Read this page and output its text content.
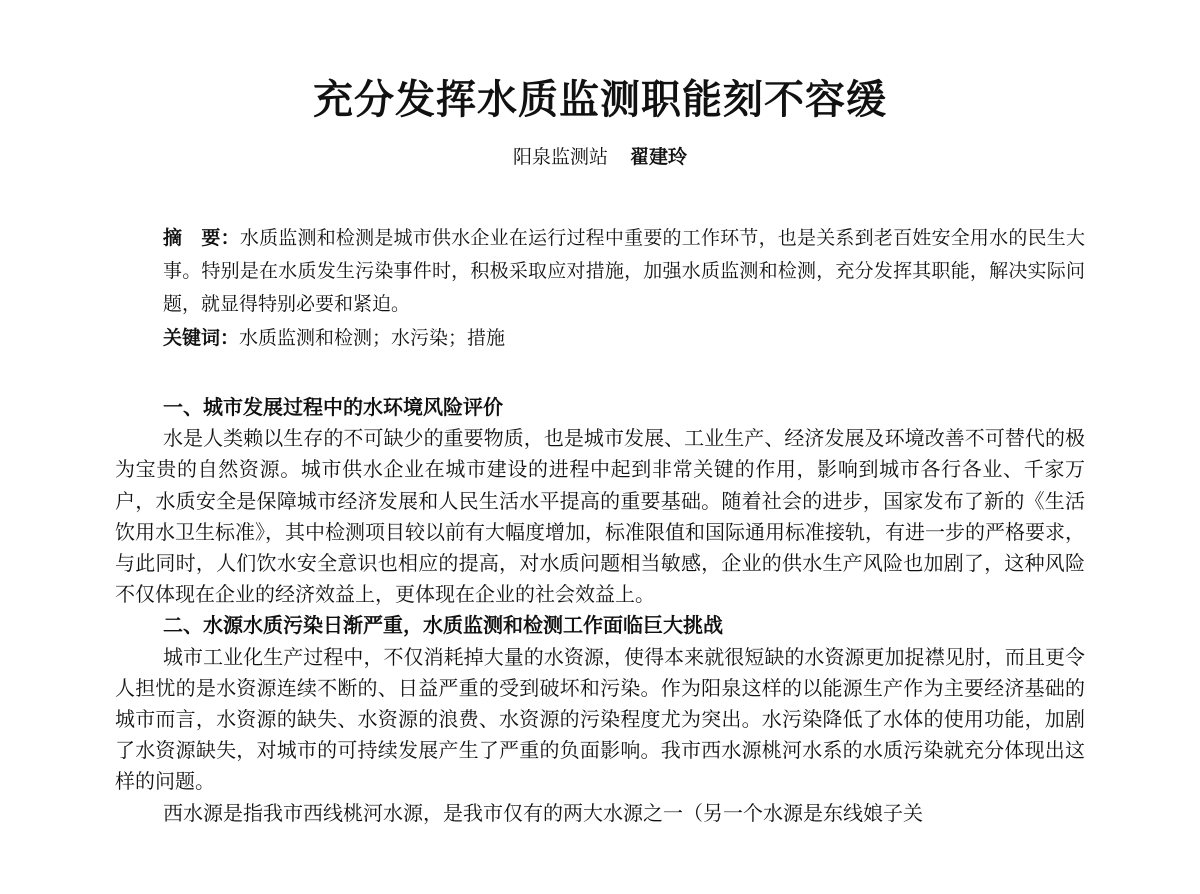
充分发挥水质监测职能刻不容缓
阳泉监测站 翟建玲
摘　要：水质监测和检测是城市供水企业在运行过程中重要的工作环节，也是关系到老百姓安全用水的民生大事。特别是在水质发生污染事件时，积极采取应对措施，加强水质监测和检测，充分发挥其职能，解决实际问题，就显得特别必要和紧迫。
关键词：水质监测和检测；水污染；措施
一、城市发展过程中的水环境风险评价

水是人类赖以生存的不可缺少的重要物质，也是城市发展、工业生产、经济发展及环境改善不可替代的极为宝贵的自然资源。城市供水企业在城市建设的进程中起到非常关键的作用，影响到城市各行各业、千家万户，水质安全是保障城市经济发展和人民生活水平提高的重要基础。随着社会的进步，国家发布了新的《生活饮用水卫生标准》，其中检测项目较以前有大幅度增加，标准限值和国际通用标准接轨，有进一步的严格要求，与此同时，人们饮水安全意识也相应的提高，对水质问题相当敏感，企业的供水生产风险也加剧了，这种风险不仅体现在企业的经济效益上，更体现在企业的社会效益上。

二、水源水质污染日渐严重，水质监测和检测工作面临巨大挑战

城市工业化生产过程中，不仅消耗掉大量的水资源，使得本来就很短缺的水资源更加捉襟见肘，而且更令人担忧的是水资源连续不断的、日益严重的受到破坏和污染。作为阳泉这样的以能源生产作为主要经济基础的城市而言，水资源的缺失、水资源的浪费、水资源的污染程度尤为突出。水污染降低了水体的使用功能，加剧了水资源缺失，对城市的可持续发展产生了严重的负面影响。我市西水源桃河水系的水质污染就充分体现出这样的问题。

西水源是指我市西线桃河水源，是我市仅有的两大水源之一（另一个水源是东线娘子关
